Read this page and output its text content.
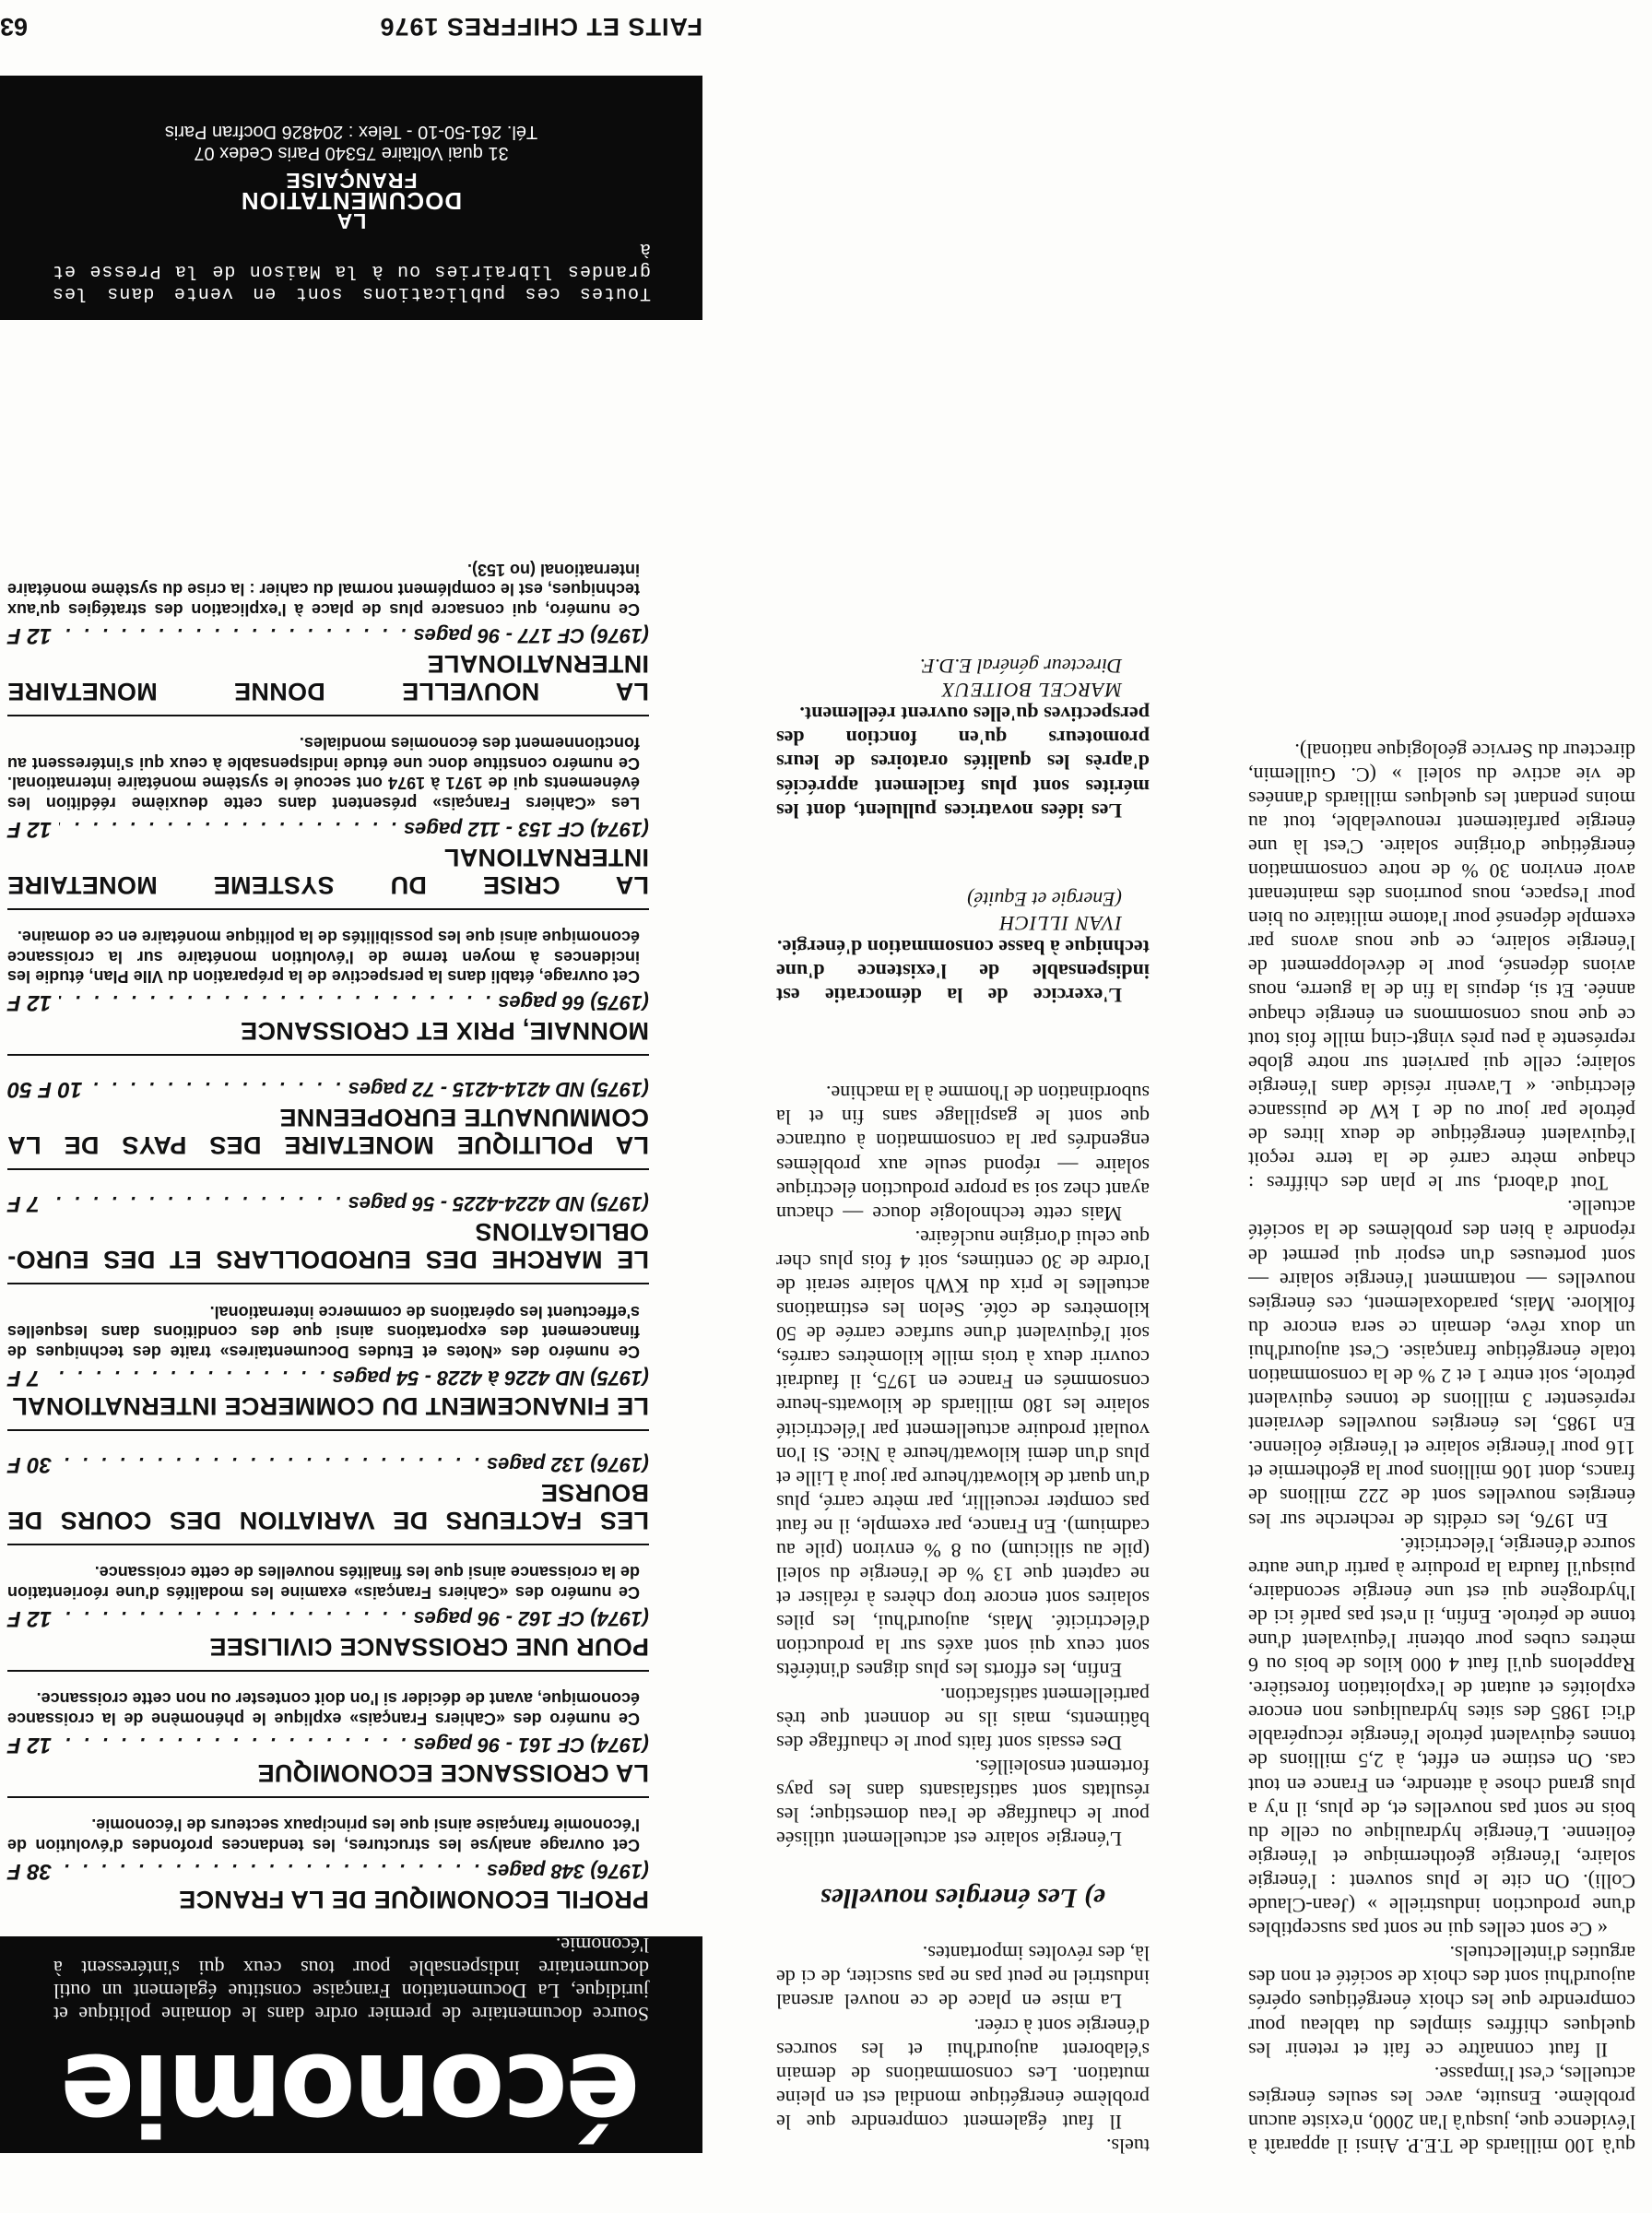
qu'à 100 milliards de T.E.P. Ainsi il apparaît à l'évidence que, jusqu'à l'an 2000, n'existe aucun problème. Ensuite, avec les seules énergies actuelles, c'est l'impasse.

Il faut connaître ce fait et retenir les quelques chiffres simples du tableau pour comprendre que les choix énergétiques opérés aujourd'hui sont des choix de société et non des arguties d'intellectuels.

« Ce sont celles qui ne sont pas susceptibles d'une production industrielle » (Jean-Claude Colli). On cite le plus souvent : l'énergie solaire, l'énergie géothermique et l'énergie éolienne. L'énergie hydraulique ou celle du bois ne sont pas nouvelles et, de plus, il n'y a plus grand chose à attendre, en France en tout cas. On estime en effet, à 2,5 millions de tonnes équivalent pétrole l'énergie récupérable d'ici 1985 des sites hydrauliques non encore exploités et autant de l'exploitation forestière. Rappelons qu'il faut 4 000 kilos de bois ou 6 mètres cubes pour obtenir l'équivalent d'une tonne de pétrole. Enfin, il n'est pas parlé ici de l'hydrogène qui est une énergie secondaire, puisqu'il faudra la produire à partir d'une autre source d'énergie, l'électricité.

En 1976, les crédits de recherche sur les énergies nouvelles sont de 222 millions de francs, dont 106 millions pour la géothermie et 116 pour l'énergie solaire et l'énergie éolienne. En 1985, les énergies nouvelles devraient représenter 3 millions de tonnes équivalent pétrole, soit entre 1 et 2 % de la consommation totale énergétique française. C'est aujourd'hui un doux rêve, demain ce sera encore du folklore. Mais, paradoxalement, ces énergies nouvelles — notamment l'énergie solaire — sont porteuses d'un espoir qui permet de répondre à bien des problèmes de la société actuelle.

Tout d'abord, sur le plan des chiffres : chaque mètre carré de la terre reçoit l'équivalent énergétique de deux litres de pétrole par jour ou de 1 kW de puissance électrique. « L'avenir réside dans l'énergie solaire; celle qui parvient sur notre globe représente à peu près vingt-cinq mille fois tout ce que nous consommons en énergie chaque année. Et si, depuis la fin de la guerre, nous avions dépensé, pour le développement de l'énergie solaire, ce que nous avons par exemple dépensé pour l'atome militaire ou bien pour l'espace, nous pourrions dès maintenant avoir environ 30 % de notre consommation énergétique d'origine solaire. C'est là une énergie parfaitement renouvelable, tout au moins pendant les quelques milliards d'années de vie active du soleil » (C. Guillemin, directeur du Service géologique national).

tuels.

Il faut également comprendre que le problème énergétique mondial est en pleine mutation. Les consommations de demain s'élaborent aujourd'hui et les sources d'énergie sont à créer.

La mise en place de ce nouvel arsenal industriel ne peut pas ne pas susciter, de ci de là, des révoltes importantes.

e) Les énergies nouvelles

L'énergie solaire est actuellement utilisée pour le chauffage de l'eau domestique; les résultats sont satisfaisants dans les pays fortement ensoleillés.

Des essais sont faits pour le chauffage des bâtiments, mais ils ne donnent que très partiellement satisfaction.

Enfin, les efforts les plus dignes d'intérêts sont ceux qui sont axés sur la production d'électricité. Mais, aujourd'hui, les piles solaires sont encore trop chères à réaliser et ne captent que 13 % de l'énergie du soleil (pile au silicium) ou 8 % environ (pile au cadmium). En France, par exemple, il ne faut pas compter recueillir, par mètre carré, plus d'un quart de kilowatt/heure par jour à Lille et plus d'un demi kilowatt/heure à Nice. Si l'on voulait produire actuellement par l'électricité solaire les 180 milliards de kilowatts-heure consommés en France en 1975, il faudrait couvrir deux à trois mille kilomètres carrés, soit l'équivalent d'une surface carrée de 50 kilomètres de côté. Selon les estimations actuelles le prix du KWh solaire serait de l'ordre de 30 centimes, soit 4 fois plus cher que celui d'origine nucléaire.

Mais cette technologie douce — chacun ayant chez soi sa propre production électrique solaire — répond seule aux problèmes engendrés par la consommation à outrance que sont le gaspillage sans fin et la subordination de l'homme à la machine.

L'exercice de la démocratie est indispensable de l'existence d'une technique à basse consommation d'énergie.

IVAN ILLICH

(Energie et Equité)

Les idées novatrices pullulent, dont les mérites sont plus facilement appréciés d'après les qualités oratoires de leurs promoteurs qu'en fonction des perspectives qu'elles ouvrent réellement.

MARCEL BOITEUX

Directeur général E.D.F.

économie
Source documentaire de premier ordre dans le domaine politique et juridique, La Documentation Française constitue également un outil documentaire indispensable pour tous ceux qui s'intéressent à l'économie.

PROFIL ECONOMIQUE DE LA FRANCE

(1976) 348 pages
. . .
38 F

Cet ouvrage analyse les structures, les tendances profondes d'évolution de l'économie française ainsi que les principaux secteurs de l'économie.

LA CROISSANCE ECONOMIQUE

(1974) CF 161 - 96 pages
. . .
12 F

Ce numéro des «Cahiers Français» explique le phénomène de la croissance économique, avant de décider si l'on doit contester ou non cette croissance.

POUR UNE CROISSANCE CIVILISEE

(1974) CF 162 - 96 pages
. . .
12 F

Ce numéro des «Cahiers Français» examine les modalités d'une réorientation de la croissance ainsi que les finalités nouvelles de cette croissance.

LES FACTEURS DE VARIATION DES COURS DE BOURSE

(1976) 132 pages
. . .
30 F

LE FINANCEMENT DU COMMERCE INTERNATIONAL

(1975) ND 4226 à 4228 - 54 pages
. . .
7 F

Ce numéro des «Notes et Etudes Documentaires» traite des techniques de financement des exportations ainsi que des conditions dans lesquelles s'effectuent les opérations de commerce international.

LE MARCHE DES EURODOLLARS ET DES EURO-OBLIGATIONS

(1975) ND 4224-4225 - 56 pages
. . .
7 F

LA POLITIQUE MONETAIRE DES PAYS DE LA COMMUNAUTE EUROPEENNE

(1975) ND 4214-4215 - 72 pages
. . .
10 F 50

MONNAIE, PRIX ET CROISSANCE

(1975) 66 pages
. . .
12 F

Cet ouvrage, établi dans la perspective de la préparation du VIIe Plan, étudie les incidences à moyen terme de l'évolution monétaire sur la croissance économique ainsi que les possibilités de la politique monétaire en ce domaine.

LA CRISE DU SYSTEME MONETAIRE INTERNATIONAL

(1974) CF 153 - 112 pages
. . .
12 F

Les «Cahiers Français» présentent dans cette deuxième réédition les événements qui de 1971 à 1974 ont secoué le système monétaire international. Ce numéro constitue donc une étude indispensable à ceux qui s'intéressent au fonctionnement des économies mondiales.

LA NOUVELLE DONNE MONETAIRE INTERNATIONALE

(1976) CF 177 - 96 pages
. . .
12 F

Ce numéro, qui consacre plus de place à l'explication des stratégies qu'aux techniques, est le complément normal du cahier : la crise du système monétaire international (no 153).

Toutes ces publications sont en vente dans les grandes librairies ou à la Maison de la Presse et à
LA
DOCUMENTATION
FRANÇAISE
31 quai Voltaire 75340 Paris Cedex 07
Tél. 261-50-10 - Telex : 204826 Docfran Paris
FAITS ET CHIFFRES 1976
63
